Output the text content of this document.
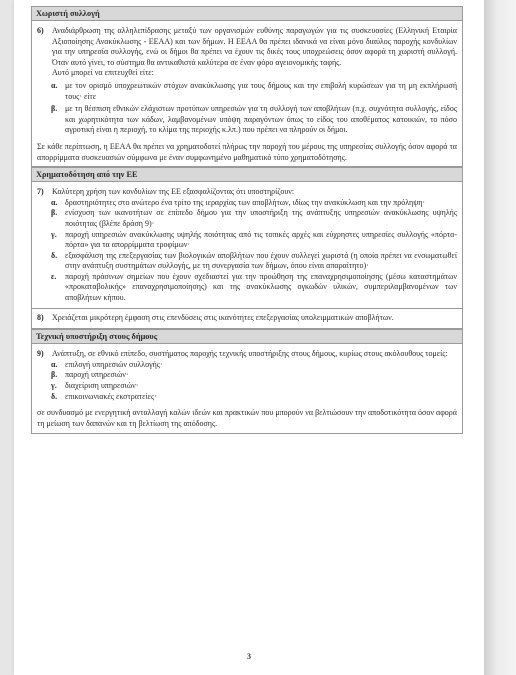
Χωριστή συλλογή
6)	Αναδιάρθρωση της αλληλεπίδρασης μεταξύ των οργανισμών ευθύνης παραγωγών για τις συσκευασίες (Ελληνική Εταιρία Αξιοποίησης Ανακύκλωσης - ΕΕΑΑ) και των δήμων. Η ΕΕΑΑ θα πρέπει ιδανικά να είναι μόνο διαύλος παροχής κονδυλίων για την υπηρεσία συλλογής, ενώ οι δήμοι θα πρέπει να έχουν τις δικές τους υποχρεώσεις όσον αφορά τη χωριστή συλλογή. Όταν αυτό γίνει, το σύστημα θα αντικαθιστά καλύτερα σε έναν φόρο αγειονομικής ταφής.
Αυτό μπορεί να επιτευχθεί είτε:
α. με τον ορισμό υποχρεωτικών στόχων ανακύκλωσης για τους δήμους και την επιβολή κυρώσεων για τη μη εκπλήρωσή τους· είτε
β. με τη θέσπιση εθνικών ελάχιστων προτύπων υπηρεσιών για τη συλλογή των αποβλήτων (π.χ. συχνότητα συλλογής, είδος και χωρητικότητα των κάδων, λαμβανομένων υπόψη παραγόντων όπως το είδος του αποθέματος κατοικιών, το πόσο αγροτική είναι η περιοχή, το κλίμα της περιοχής κ.λπ.) που πρέπει να πληρούν οι δήμοι.
Σε κάθε περίπτωση, η ΕΕΑΑ θα πρέπει να χρηματοδοτεί πλήρως την παροχή του μέρους της υπηρεσίας συλλογής όσον αφορά τα απορρίμματα συσκευασιών σύμφωνα με έναν συμφωνημένο μαθηματικό τύπο χρηματοδότησης.
Χρηματοδότηση από την ΕΕ
7)	Καλύτερη χρήση των κονδυλίων της ΕΕ εξασφαλίζοντας ότι υποστηρίζουν:
α. δραστηριότητες στο ανώτερο ένα τρίτο της ιεραρχίας των αποβλήτων, ιδίως την ανακύκλωση και την πρόληψη·
β. ενίσχυση των ικανοτήτων σε επίπεδο δήμου για την υποστήριξη της ανάπτυξης υπηρεσιών ανακύκλωσης υψηλής ποιότητας (βλέπε δράση 9)·
γ.	παροχή υπηρεσιών ανακύκλωσης υψηλής ποιότητας από τις τοπικές αρχές και εύχρηστες υπηρεσίες συλλογής «πόρτα-πόρτα» για τα απορρίμματα τροφίμων·
δ. εξασφάλιση της επεξεργασίας των βιολογικών αποβλήτων που έχουν συλλεγεί χωριστά (η οποία πρέπει να ενσωματωθεί στην ανάπτυξη συστημάτων συλλογής, με τη συνεργασία των δήμων, όπου είναι απαραίτητο)·
ε.	παροχή πράσινων σημείων που έχουν σχεδιαστεί για την προώθηση της επαναχρησιμοποίησης (μέσω καταστημάτων «προκαταβολικής» επαναχρησιμοποίησης) και της ανακύκλωσης ογκωδών υλικών, συμπεριλαμβανομένων των αποβλήτων κήπου.
8)	Χρειάζεται μικρότερη έμφαση στις επενδύσεις στις ικανότητες επεξεργασίας υπολειμματικών αποβλήτων.
Τεχνική υποστήριξη στους δήμους
9)	Ανάπτυξη, σε εθνικό επίπεδο, συστήματος παροχής τεχνικής υποστήριξης στους δήμους, κυρίως στους ακόλουθους τομείς:
α. επιλογή υπηρεσιών συλλογής·
β. παροχή υπηρεσιών·
γ.	διαχείριση υπηρεσιών·
δ. επικοινωνιακές εκστρατείες·
σε συνδυασμό με ενεργητική ανταλλαγή καλών ιδεών και πρακτικών που μπορούν να βελτιώσουν την αποδοτικότητα όσον αφορά τη μείωση των δαπανών και τη βελτίωση της απόδοσης.
3
